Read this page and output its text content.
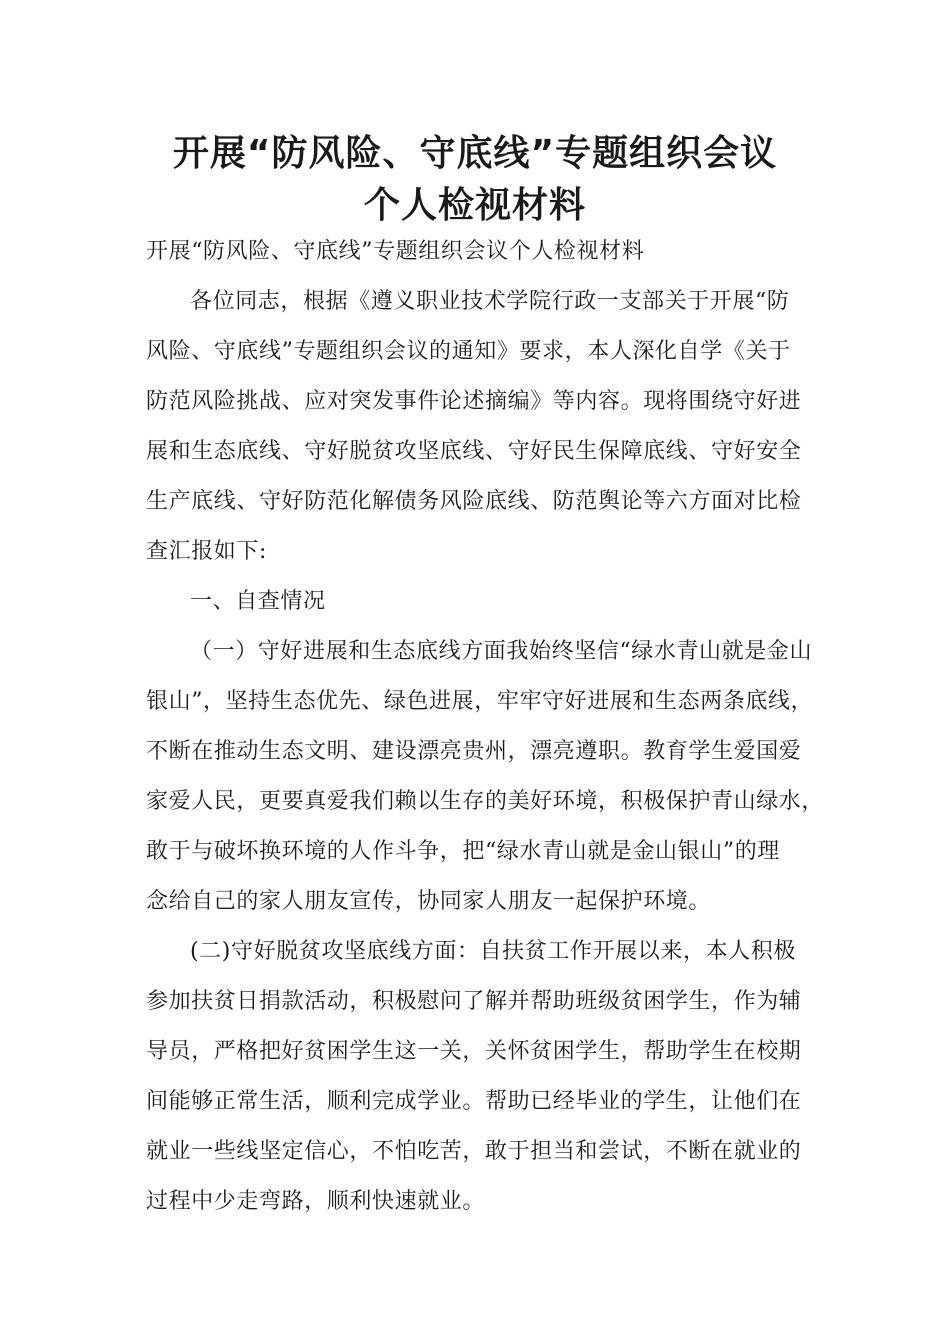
开展“防风险、守底线”专题组织会议
个人检视材料
开展“防风险、守底线”专题组织会议个人检视材料
各位同志，根据《遵义职业技术学院行政一支部关于开展“防
风险、守底线”专题组织会议的通知》要求，本人深化自学《关于
防范风险挑战、应对突发事件论述摘编》等内容。现将围绕守好进
展和生态底线、守好脱贫攻坚底线、守好民生保障底线、守好安全
生产底线、守好防范化解债务风险底线、防范舆论等六方面对比检
查汇报如下:
一、自查情况
（一）守好进展和生态底线方面我始终坚信“绿水青山就是金山
银山”，坚持生态优先、绿色进展，牢牢守好进展和生态两条底线，
不断在推动生态文明、建设漂亮贵州，漂亮遵职。教育学生爱国爱
家爱人民，更要真爱我们赖以生存的美好环境，积极保护青山绿水，
敢于与破坏换环境的人作斗争，把“绿水青山就是金山银山”的理
念给自己的家人朋友宣传，协同家人朋友一起保护环境。
(二)守好脱贫攻坚底线方面：自扶贫工作开展以来，本人积极
参加扶贫日捐款活动，积极慰问了解并帮助班级贫困学生，作为辅
导员，严格把好贫困学生这一关，关怀贫困学生，帮助学生在校期
间能够正常生活，顺利完成学业。帮助已经毕业的学生，让他们在
就业一些线坚定信心，不怕吃苦，敢于担当和尝试，不断在就业的
过程中少走弯路，顺利快速就业。
